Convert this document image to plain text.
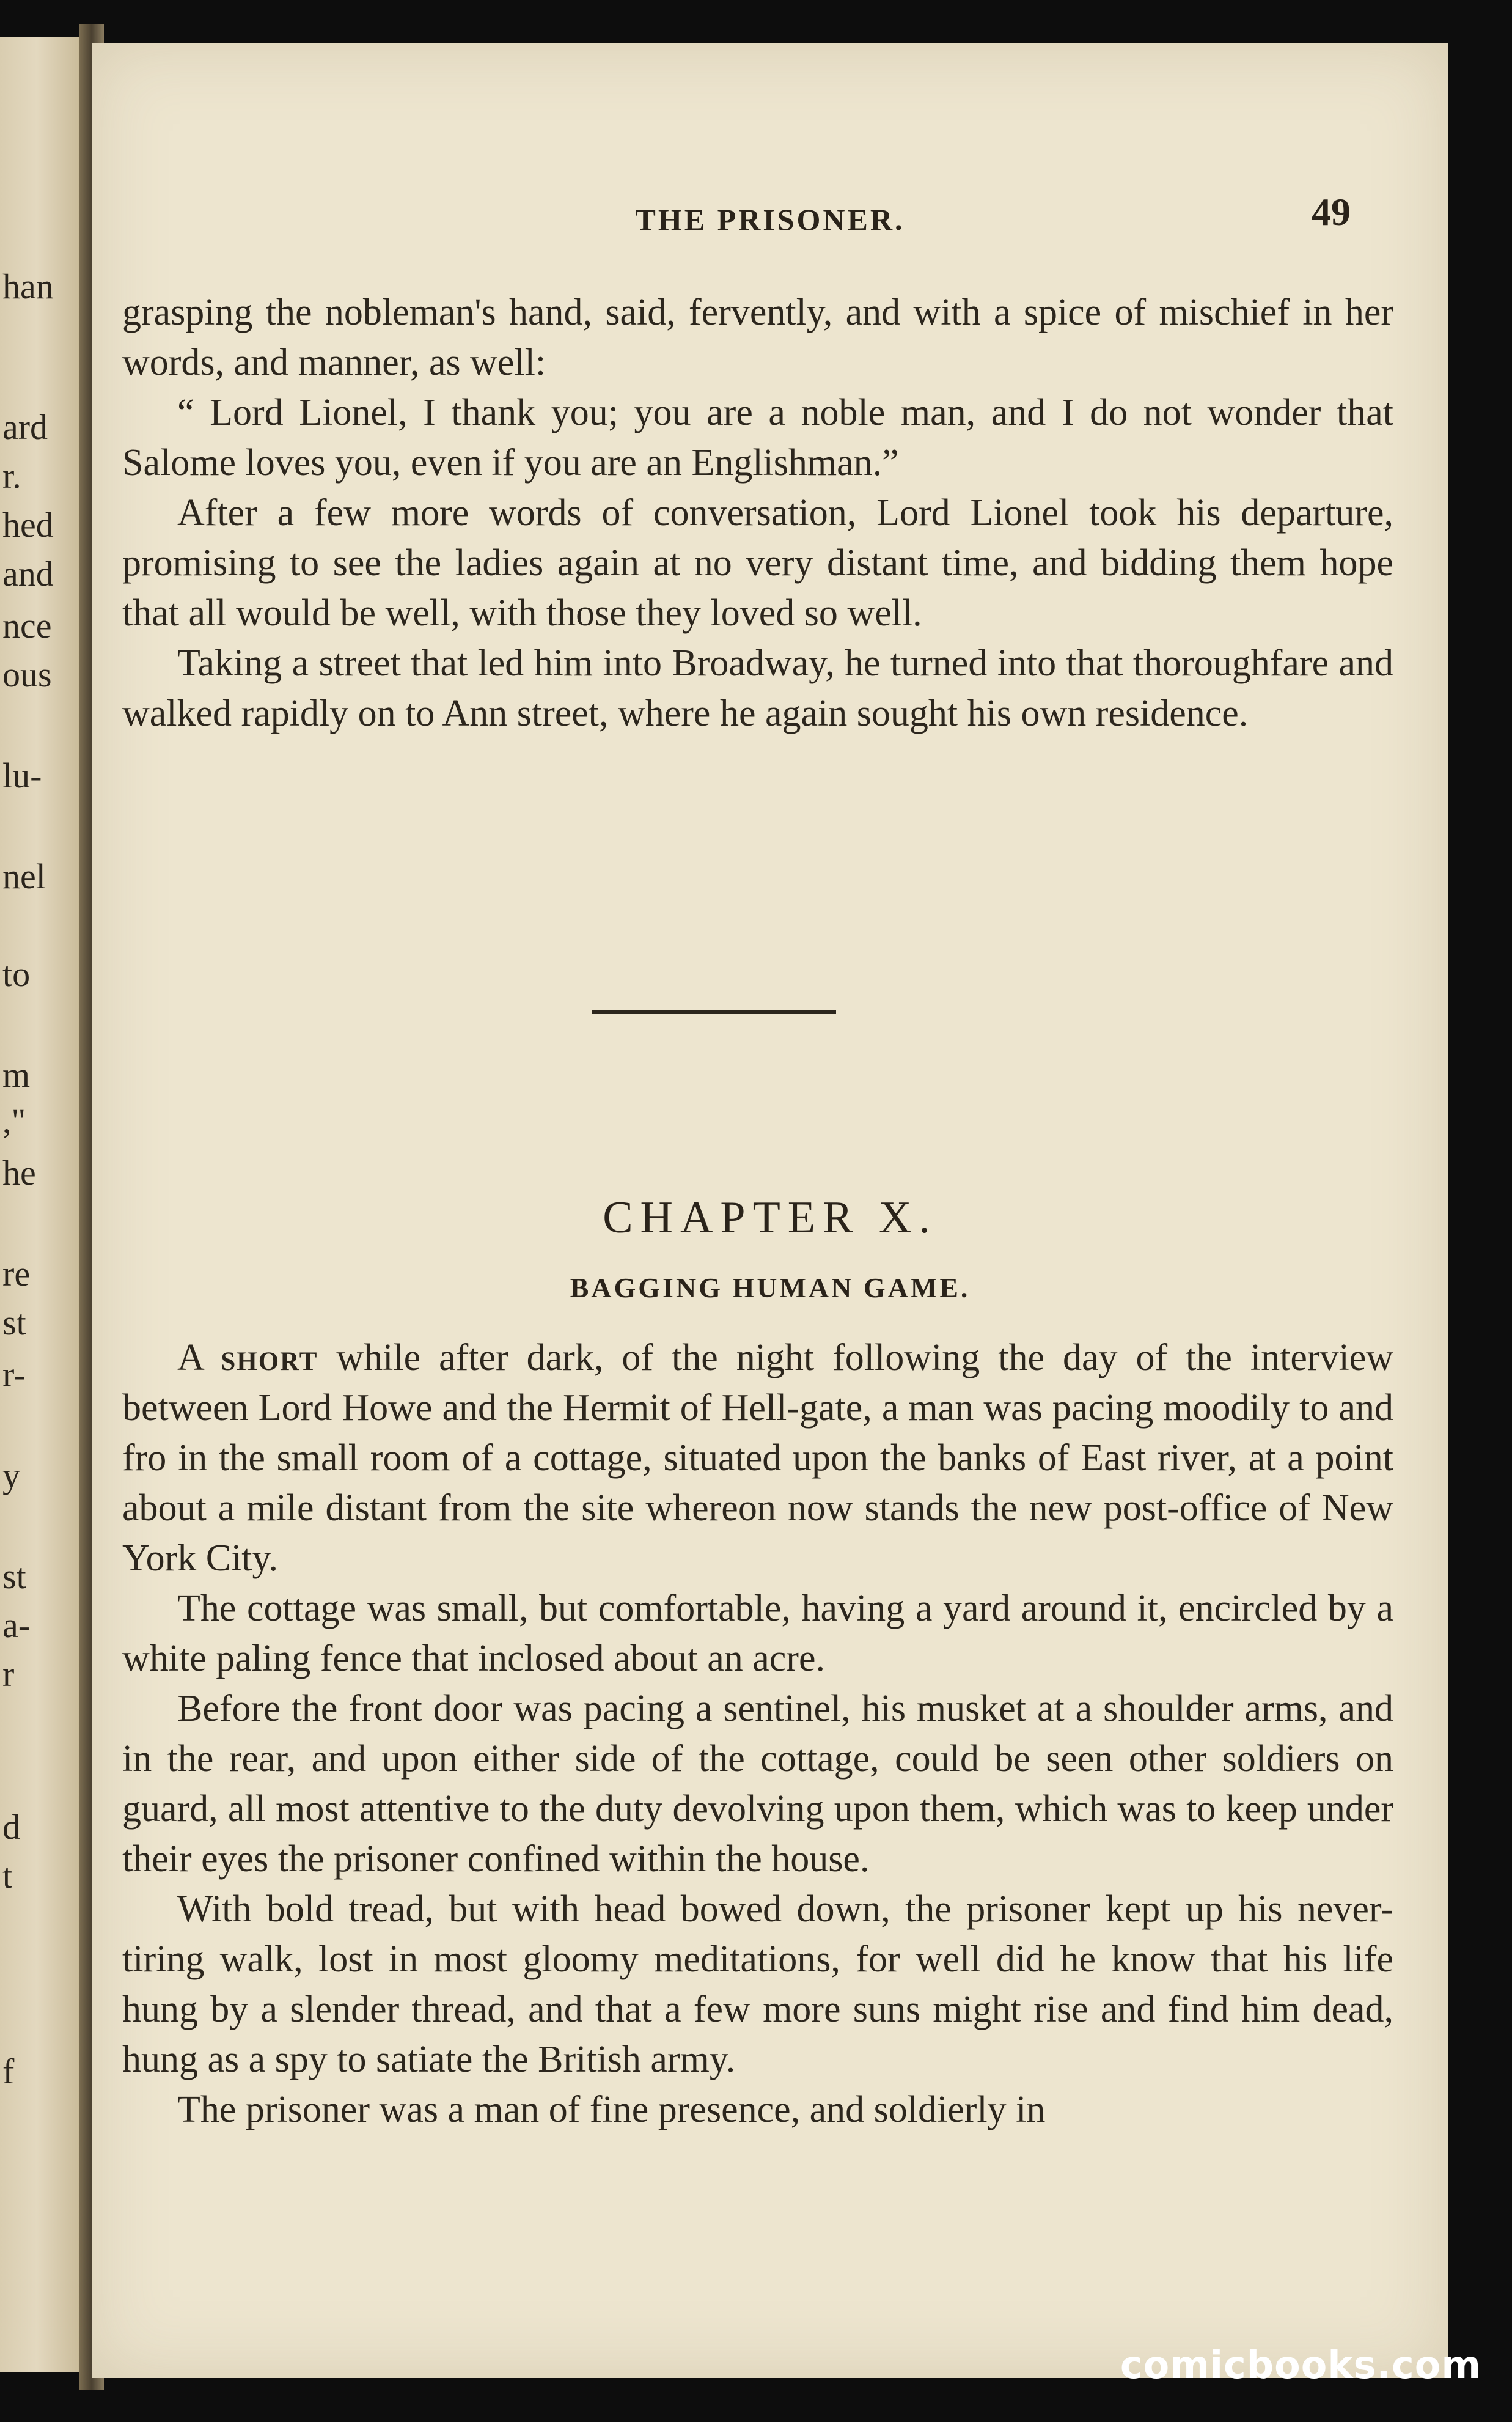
han
ard
r.
hed
and
nce
ous
lu-
nel
to
m
,"
he
re
st
r-
y
st
a-
r
d
t
f
THE PRISONER.	49

grasping the nobleman's hand, said, fervently, and with a spice of mischief in her words, and manner, as well:

“ Lord Lionel, I thank you; you are a noble man, and I do not wonder that Salome loves you, even if you are an Englishman.”

After a few more words of conversation, Lord Lionel took his departure, promising to see the ladies again at no very distant time, and bidding them hope that all would be well, with those they loved so well.

Taking a street that led him into Broadway, he turned into that thoroughfare and walked rapidly on to Ann street, where he again sought his own residence.

CHAPTER X.
BAGGING HUMAN GAME.

A short while after dark, of the night following the day of the interview between Lord Howe and the Hermit of Hell-gate, a man was pacing moodily to and fro in the small room of a cottage, situated upon the banks of East river, at a point about a mile distant from the site whereon now stands the new post-office of New York City.

The cottage was small, but comfortable, having a yard around it, encircled by a white paling fence that inclosed about an acre.

Before the front door was pacing a sentinel, his musket at a shoulder arms, and in the rear, and upon either side of the cottage, could be seen other soldiers on guard, all most attentive to the duty devolving upon them, which was to keep under their eyes the prisoner confined within the house.

With bold tread, but with head bowed down, the prisoner kept up his never-tiring walk, lost in most gloomy meditations, for well did he know that his life hung by a slender thread, and that a few more suns might rise and find him dead, hung as a spy to satiate the British army.

The prisoner was a man of fine presence, and soldierly in

comicbooks.com
